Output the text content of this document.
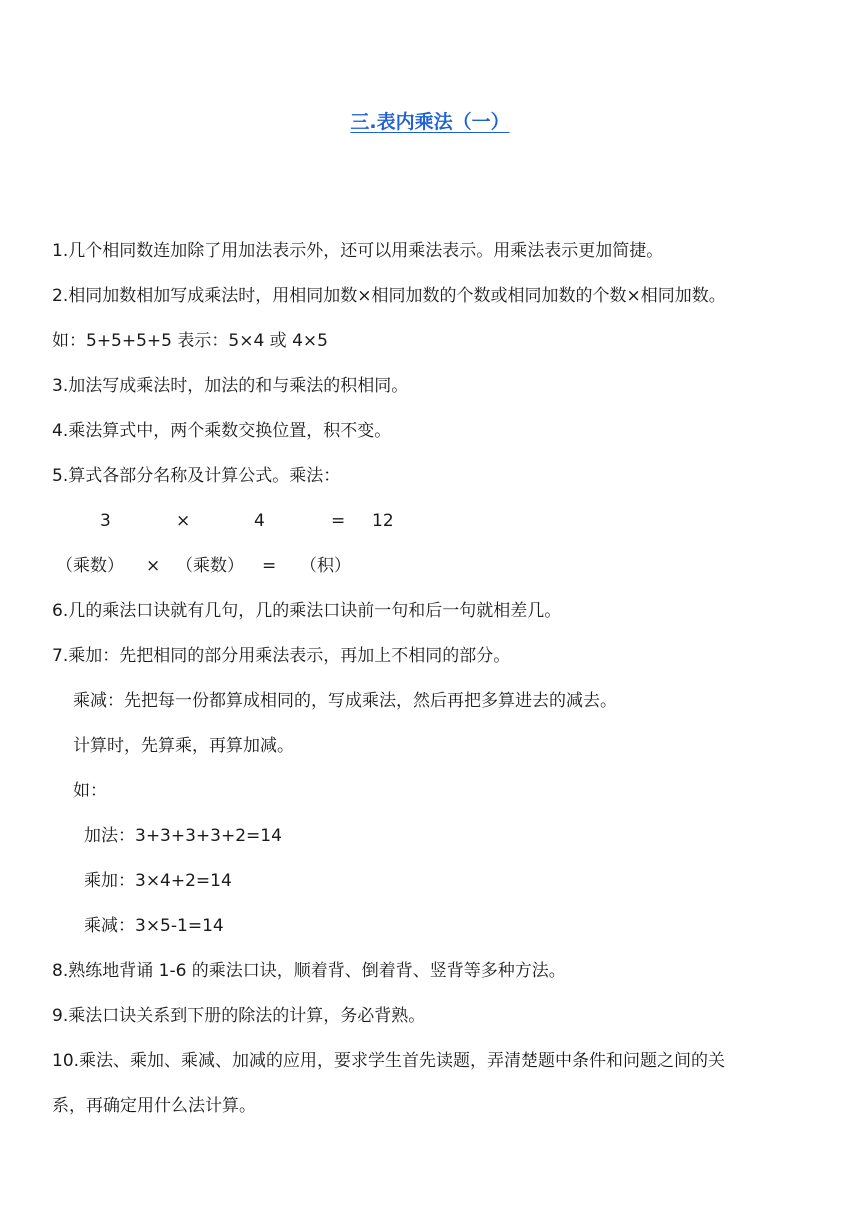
三.表内乘法（一）
1.几个相同数连加除了用加法表示外，还可以用乘法表示。用乘法表示更加简捷。
2.相同加数相加写成乘法时，用相同加数×相同加数的个数或相同加数的个数×相同加数。
如：5+5+5+5 表示：5×4 或 4×5
3.加法写成乘法时，加法的和与乘法的积相同。
4.乘法算式中，两个乘数交换位置，积不变。
5.算式各部分名称及计算公式。乘法：
3	×	4	= 12
（乘数） × （乘数） = （积）
6.几的乘法口诀就有几句，几的乘法口诀前一句和后一句就相差几。
7.乘加：先把相同的部分用乘法表示，再加上不相同的部分。
乘减：先把每一份都算成相同的，写成乘法，然后再把多算进去的减去。
计算时，先算乘，再算加减。
如：
加法：3+3+3+3+2=14
乘加：3×4+2=14
乘减：3×5-1=14
8.熟练地背诵 1-6 的乘法口诀，顺着背、倒着背、竖背等多种方法。
9.乘法口诀关系到下册的除法的计算，务必背熟。
10.乘法、乘加、乘减、加减的应用，要求学生首先读题，弄清楚题中条件和问题之间的关
系，再确定用什么法计算。
